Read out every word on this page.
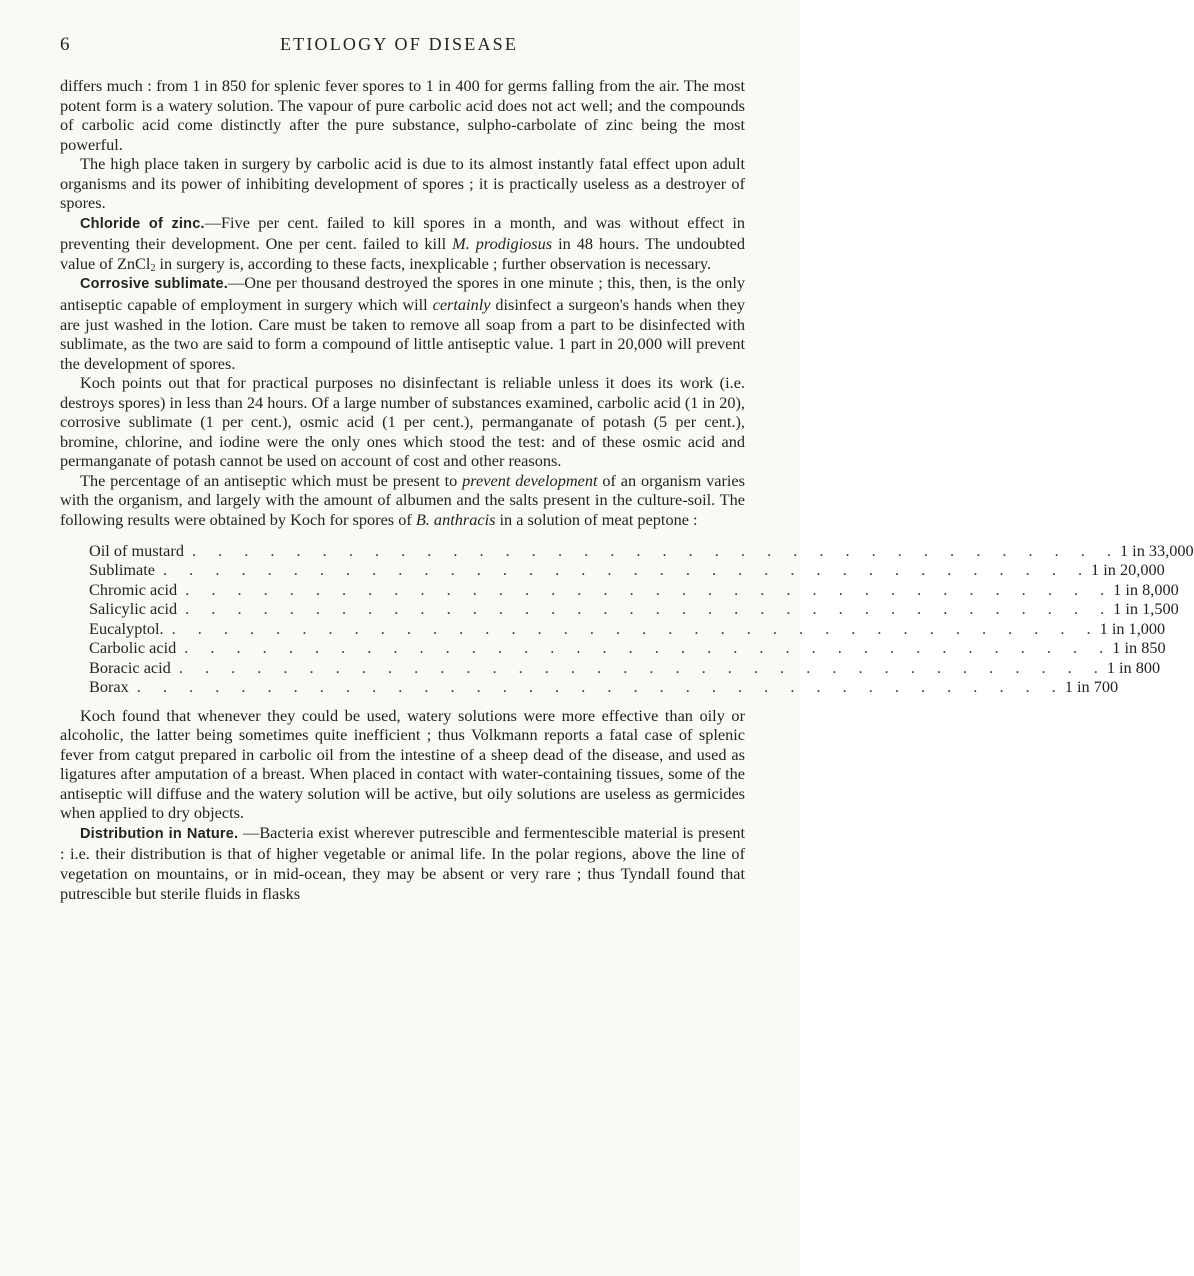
6	ETIOLOGY OF DISEASE

differs much : from 1 in 850 for splenic fever spores to 1 in 400 for germs falling from the air. The most potent form is a watery solution. The vapour of pure carbolic acid does not act well; and the compounds of carbolic acid come distinctly after the pure substance, sulpho-carbolate of zinc being the most powerful.

The high place taken in surgery by carbolic acid is due to its almost instantly fatal effect upon adult organisms and its power of inhibiting development of spores ; it is practically useless as a destroyer of spores.

Chloride of zinc.—Five per cent. failed to kill spores in a month, and was without effect in preventing their development. One per cent. failed to kill M. prodigiosus in 48 hours. The undoubted value of ZnCl$_2$ in surgery is, according to these facts, inexplicable ; further observation is necessary.

Corrosive sublimate.—One per thousand destroyed the spores in one minute ; this, then, is the only antiseptic capable of employment in surgery which will certainly disinfect a surgeon's hands when they are just washed in the lotion. Care must be taken to remove all soap from a part to be disinfected with sublimate, as the two are said to form a compound of little antiseptic value. 1 part in 20,000 will prevent the development of spores.

Koch points out that for practical purposes no disinfectant is reliable unless it does its work (i.e. destroys spores) in less than 24 hours. Of a large number of substances examined, carbolic acid (1 in 20), corrosive sublimate (1 per cent.), osmic acid (1 per cent.), permanganate of potash (5 per cent.), bromine, chlorine, and iodine were the only ones which stood the test: and of these osmic acid and permanganate of potash cannot be used on account of cost and other reasons.

The percentage of an antiseptic which must be present to prevent development of an organism varies with the organism, and largely with the amount of albumen and the salts present in the culture-soil. The following results were obtained by Koch for spores of B. anthracis in a solution of meat peptone :

Oil of mustard . . . . . . . . . . . . . . . . . . . . . . . . . . . . . . . . . . . . 1 in 33,000
Sublimate . . . . . . . . . . . . . . . . . . . . . . . . . . . . . . . . . . . . 1 in 20,000
Chromic acid . . . . . . . . . . . . . . . . . . . . . . . . . . . . . . . . . . . . 1 in 8,000
Salicylic acid . . . . . . . . . . . . . . . . . . . . . . . . . . . . . . . . . . . . 1 in 1,500
Eucalyptol. . . . . . . . . . . . . . . . . . . . . . . . . . . . . . . . . . . . . 1 in 1,000
Carbolic acid . . . . . . . . . . . . . . . . . . . . . . . . . . . . . . . . . . . . 1 in 850
Boracic acid . . . . . . . . . . . . . . . . . . . . . . . . . . . . . . . . . . . . 1 in 800
Borax . . . . . . . . . . . . . . . . . . . . . . . . . . . . . . . . . . . . 1 in 700

Koch found that whenever they could be used, watery solutions were more effective than oily or alcoholic, the latter being sometimes quite inefficient ; thus Volkmann reports a fatal case of splenic fever from catgut prepared in carbolic oil from the intestine of a sheep dead of the disease, and used as ligatures after amputation of a breast. When placed in contact with water-containing tissues, some of the antiseptic will diffuse and the watery solution will be active, but oily solutions are useless as germicides when applied to dry objects.

Distribution in Nature. —Bacteria exist wherever putrescible and fermentescible material is present : i.e. their distribution is that of higher vegetable or animal life. In the polar regions, above the line of vegetation on mountains, or in mid-ocean, they may be absent or very rare ; thus Tyndall found that putrescible but sterile fluids in flasks
